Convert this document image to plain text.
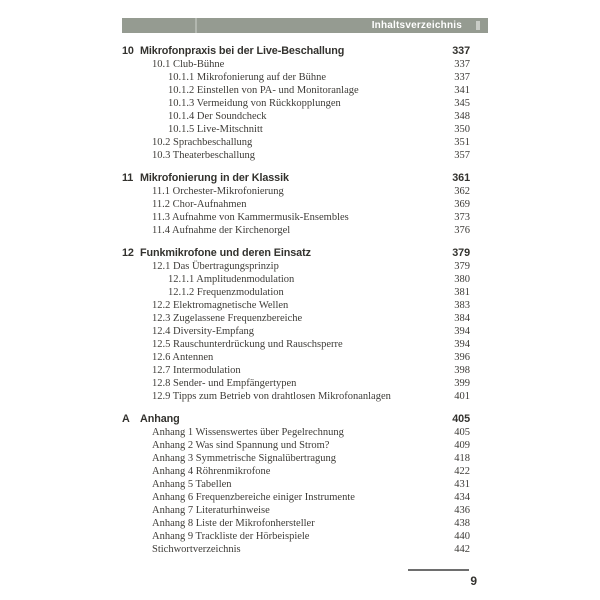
Inhaltsverzeichnis
10 Mikrofonpraxis bei der Live-Beschallung	337
10.1 Club-Bühne	337
10.1.1 Mikrofonierung auf der Bühne	337
10.1.2 Einstellen von PA- und Monitoranlage	341
10.1.3 Vermeidung von Rückkopplungen	345
10.1.4 Der Soundcheck	348
10.1.5 Live-Mitschnitt	350
10.2 Sprachbeschallung	351
10.3 Theaterbeschallung	357
11 Mikrofonierung in der Klassik	361
11.1 Orchester-Mikrofonierung	362
11.2 Chor-Aufnahmen	369
11.3 Aufnahme von Kammermusik-Ensembles	373
11.4 Aufnahme der Kirchenorgel	376
12 Funkmikrofone und deren Einsatz	379
12.1 Das Übertragungsprinzip	379
12.1.1 Amplitudenmodulation	380
12.1.2 Frequenzmodulation	381
12.2 Elektromagnetische Wellen	383
12.3 Zugelassene Frequenzbereiche	384
12.4 Diversity-Empfang	394
12.5 Rauschunterdrückung und Rauschsperre	394
12.6 Antennen	396
12.7 Intermodulation	398
12.8 Sender- und Empfängertypen	399
12.9 Tipps zum Betrieb von drahtlosen Mikrofonanlagen	401
A Anhang	405
Anhang 1 Wissenswertes über Pegelrechnung	405
Anhang 2 Was sind Spannung und Strom?	409
Anhang 3 Symmetrische Signalübertragung	418
Anhang 4 Röhrenmikrofone	422
Anhang 5 Tabellen	431
Anhang 6 Frequenzbereiche einiger Instrumente	434
Anhang 7 Literaturhinweise	436
Anhang 8 Liste der Mikrofonhersteller	438
Anhang 9 Trackliste der Hörbeispiele	440
Stichwortverzeichnis	442
9
